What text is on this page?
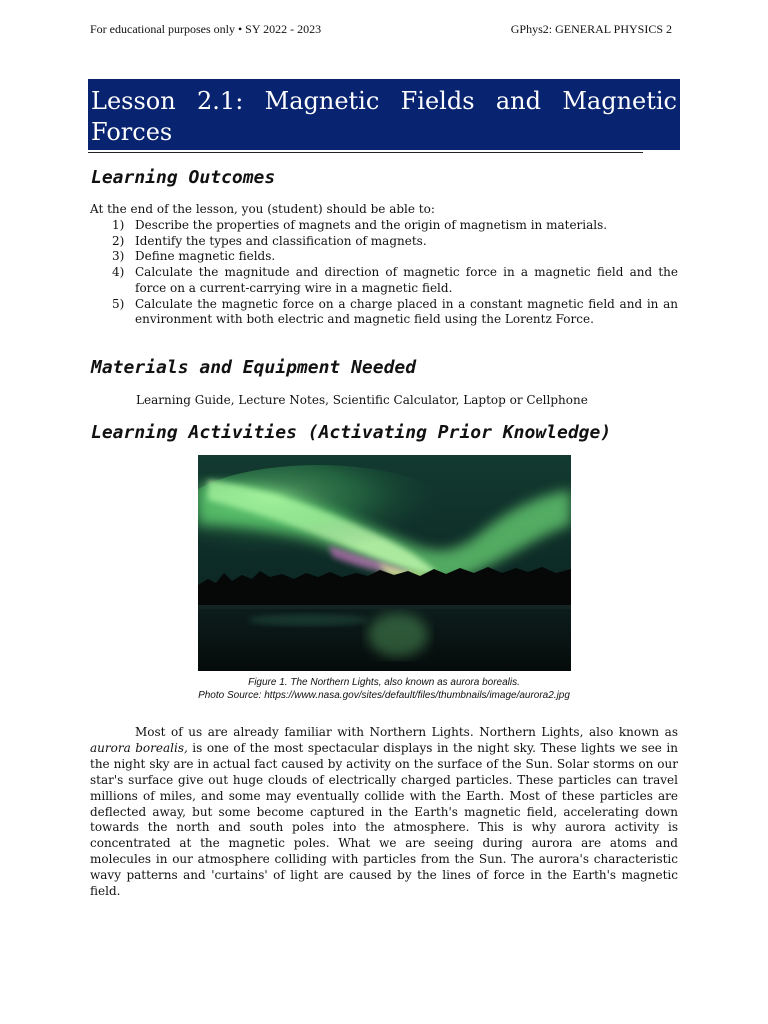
For educational purposes only • SY 2022 - 2023	GPhys2: GENERAL PHYSICS 2
Lesson 2.1: Magnetic Fields and Magnetic Forces
Learning Outcomes
At the end of the lesson, you (student) should be able to:
1) Describe the properties of magnets and the origin of magnetism in materials.
2) Identify the types and classification of magnets.
3) Define magnetic fields.
4) Calculate the magnitude and direction of magnetic force in a magnetic field and the force on a current-carrying wire in a magnetic field.
5) Calculate the magnetic force on a charge placed in a constant magnetic field and in an environment with both electric and magnetic field using the Lorentz Force.
Materials and Equipment Needed
Learning Guide, Lecture Notes, Scientific Calculator, Laptop or Cellphone
Learning Activities (Activating Prior Knowledge)
Figure 1. The Northern Lights, also known as aurora borealis.
Photo Source: https://www.nasa.gov/sites/default/files/thumbnails/image/aurora2.jpg

Most of us are already familiar with Northern Lights. Northern Lights, also known as aurora borealis, is one of the most spectacular displays in the night sky. These lights we see in the night sky are in actual fact caused by activity on the surface of the Sun. Solar storms on our star's surface give out huge clouds of electrically charged particles. These particles can travel millions of miles, and some may eventually collide with the Earth. Most of these particles are deflected away, but some become captured in the Earth's magnetic field, accelerating down towards the north and south poles into the atmosphere. This is why aurora activity is concentrated at the magnetic poles. What we are seeing during aurora are atoms and molecules in our atmosphere colliding with particles from the Sun. The aurora's characteristic wavy patterns and 'curtains' of light are caused by the lines of force in the Earth's magnetic field.
